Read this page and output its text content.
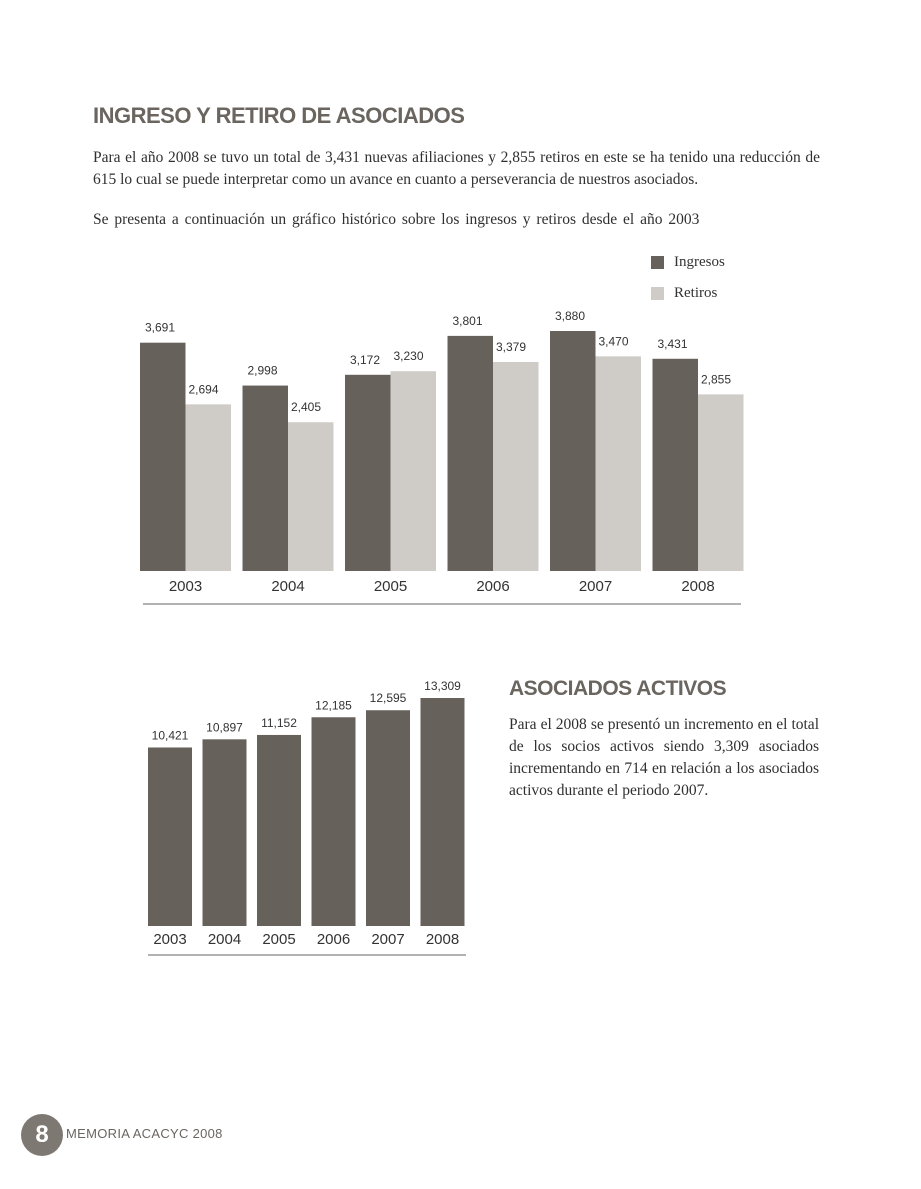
INGRESO Y RETIRO DE ASOCIADOS

Para el año 2008 se tuvo un total de 3,431 nuevas afiliaciones y 2,855 retiros en este se ha tenido una reducción de 615 lo cual se puede interpretar como un avance en cuanto a perseverancia de nuestros asociados.

Se presenta a continuación un gráfico histórico sobre los ingresos y retiros desde el año 2003

Ingresos
Retiros
3,691
2,694
2003
2,998
2,405
2004
3,172 3,230
2005
3,801
3,379
2006
3,880
3,470
2007
3,431
2,855
2008
ASOCIADOS ACTIVOS

Para el 2008 se presentó un incremento en el total de los socios activos siendo 3,309 asociados incrementando en 714 en relación a los asociados activos durante el periodo 2007.

10,421
2003
10,897
2004
11,152
2005
12,185
2006
12,595
2007
13,309
2008
8	MEMORIA ACACYC 2008
